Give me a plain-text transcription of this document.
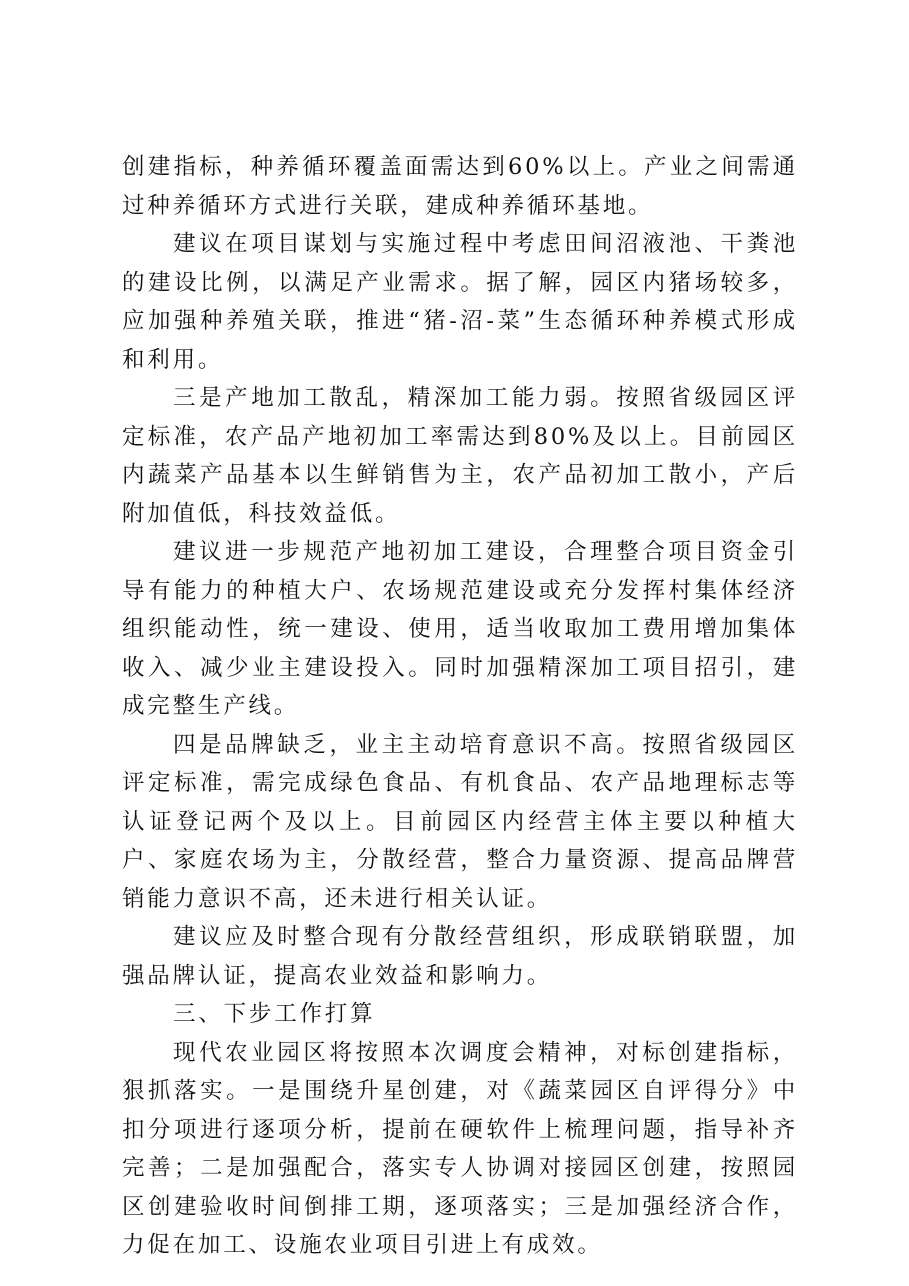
创建指标，种养循环覆盖面需达到60%以上。产业之间需通过种养循环方式进行关联，建成种养循环基地。

建议在项目谋划与实施过程中考虑田间沼液池、干粪池的建设比例，以满足产业需求。据了解，园区内猪场较多，应加强种养殖关联，推进“猪-沼-菜”生态循环种养模式形成和利用。

三是产地加工散乱，精深加工能力弱。按照省级园区评定标准，农产品产地初加工率需达到80%及以上。目前园区内蔬菜产品基本以生鲜销售为主，农产品初加工散小，产后附加值低，科技效益低。

建议进一步规范产地初加工建设，合理整合项目资金引导有能力的种植大户、农场规范建设或充分发挥村集体经济组织能动性，统一建设、使用，适当收取加工费用增加集体收入、减少业主建设投入。同时加强精深加工项目招引，建成完整生产线。

四是品牌缺乏，业主主动培育意识不高。按照省级园区评定标准，需完成绿色食品、有机食品、农产品地理标志等认证登记两个及以上。目前园区内经营主体主要以种植大户、家庭农场为主，分散经营，整合力量资源、提高品牌营销能力意识不高，还未进行相关认证。

建议应及时整合现有分散经营组织，形成联销联盟，加强品牌认证，提高农业效益和影响力。

三、下步工作打算

现代农业园区将按照本次调度会精神，对标创建指标，狠抓落实。一是围绕升星创建，对《蔬菜园区自评得分》中扣分项进行逐项分析，提前在硬软件上梳理问题，指导补齐完善；二是加强配合，落实专人协调对接园区创建，按照园区创建验收时间倒排工期，逐项落实；三是加强经济合作，力促在加工、设施农业项目引进上有成效。
